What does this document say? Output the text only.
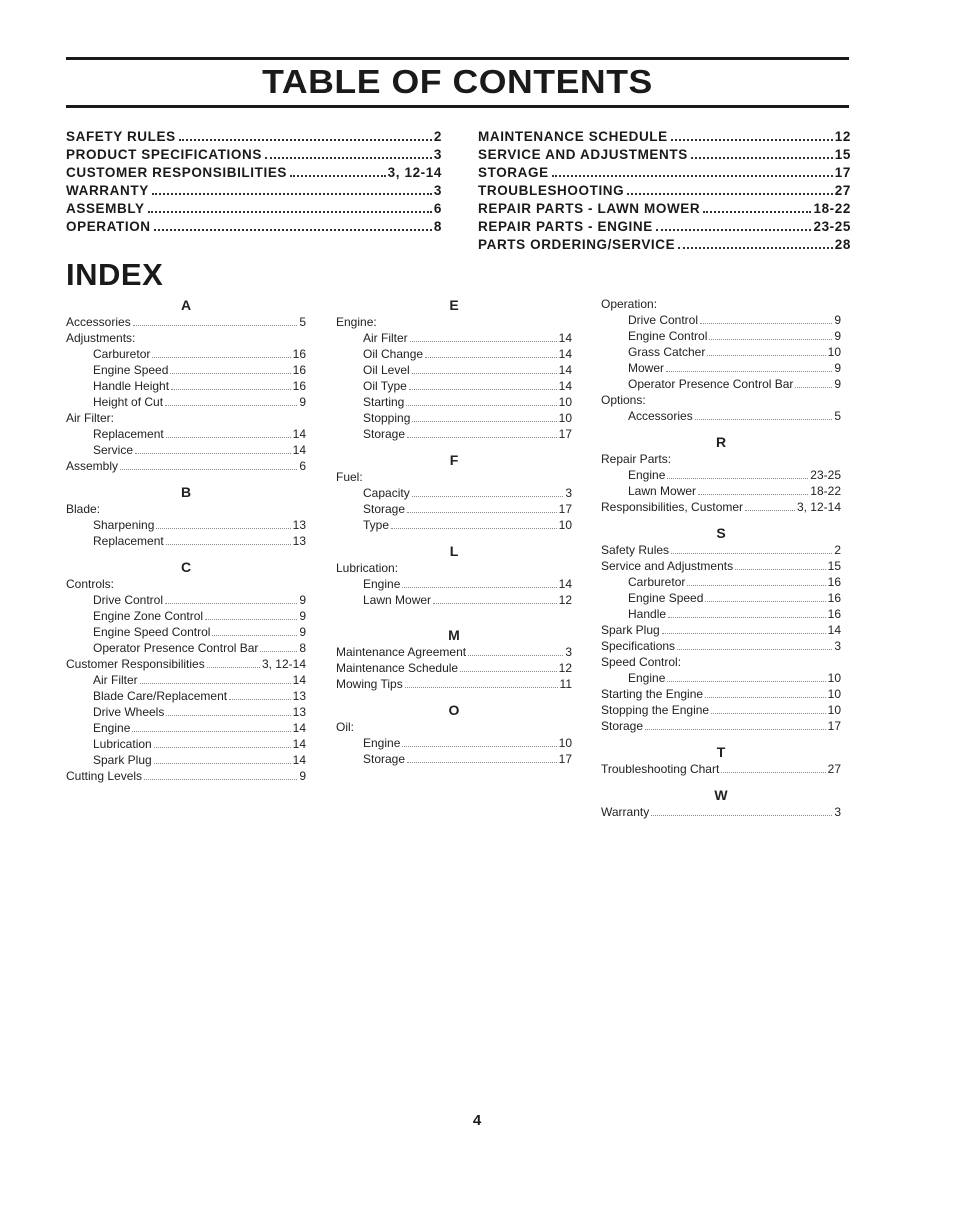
TABLE OF CONTENTS
SAFETY RULES	2
PRODUCT SPECIFICATIONS	3
CUSTOMER RESPONSIBILITIES	3, 12-14
WARRANTY	3
ASSEMBLY	6
OPERATION	8
MAINTENANCE SCHEDULE	12
SERVICE AND ADJUSTMENTS	15
STORAGE	17
TROUBLESHOOTING	27
REPAIR PARTS - LAWN MOWER	18-22
REPAIR PARTS - ENGINE	23-25
PARTS ORDERING/SERVICE	28
INDEX
A
Accessories	5
Adjustments:
Carburetor	16
Engine Speed	16
Handle Height	16
Height of Cut	9
Air Filter:
Replacement	14
Service	14
Assembly	6
B
Blade:
Sharpening	13
Replacement	13
C
Controls:
Drive Control	9
Engine Zone Control	9
Engine Speed Control	9
Operator Presence Control Bar	8
Customer Responsibilities	3, 12-14
Air Filter	14
Blade Care/Replacement	13
Drive Wheels	13
Engine	14
Lubrication	14
Spark Plug	14
Cutting Levels	9
E
Engine:
Air Filter	14
Oil Change	14
Oil Level	14
Oil Type	14
Starting	10
Stopping	10
Storage	17
F
Fuel:
Capacity	3
Storage	17
Type	10
L
Lubrication:
Engine	14
Lawn Mower	12
M
Maintenance Agreement	3
Maintenance Schedule	12
Mowing Tips	11
O
Oil:
Engine	10
Storage	17
Operation:
Drive Control	9
Engine Control	9
Grass Catcher	10
Mower	9
Operator Presence Control Bar	9
Options:
Accessories	5
R
Repair Parts:
Engine	23-25
Lawn Mower	18-22
Responsibilities, Customer	3, 12-14
S
Safety Rules	2
Service and Adjustments	15
Carburetor	16
Engine Speed	16
Handle	16
Spark Plug	14
Specifications	3
Speed Control:
Engine	10
Starting the Engine	10
Stopping the Engine	10
Storage	17
T
Troubleshooting Chart	27
W
Warranty	3
4
